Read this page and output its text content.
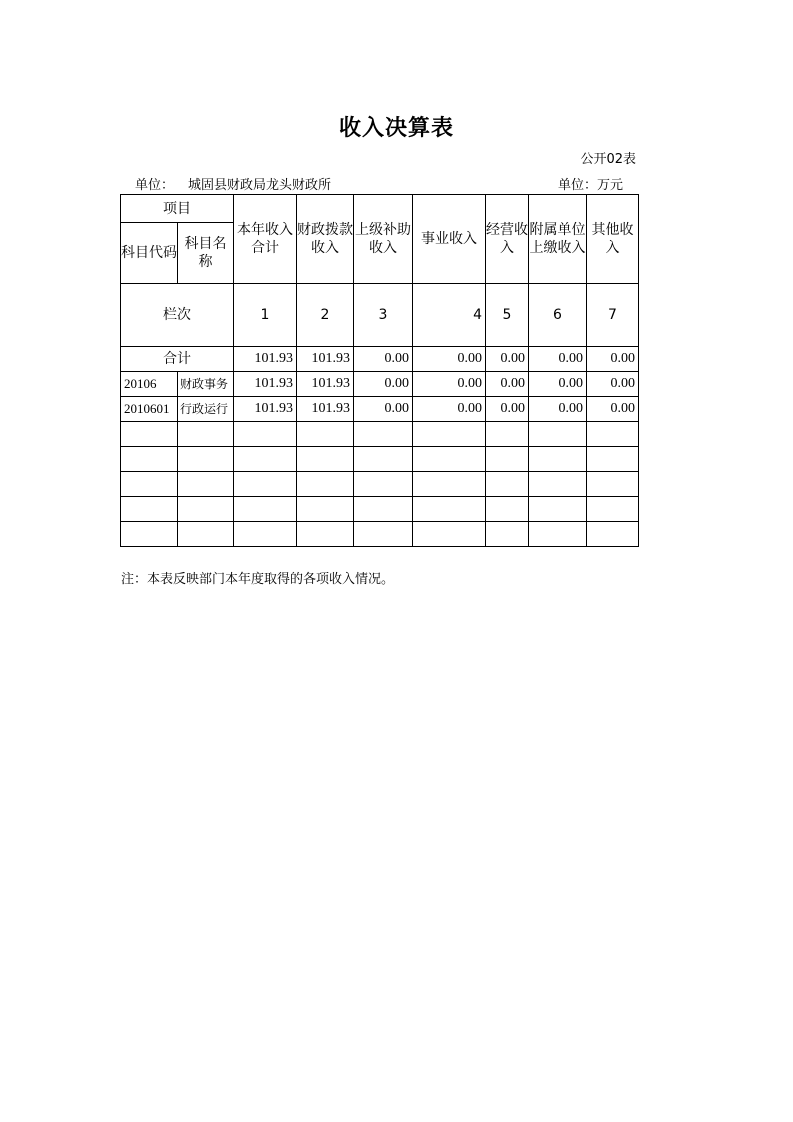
收入决算表
公开02表
单位： 城固县财政局龙头财政所	单位：万元
项目		本年收入合计	财政拨款收入	上级补助收入	事业收入	经营收入	附属单位上缴收入	其他收入
科目代码	科目名称							
栏次		1	2	3	4	5	6	7
合计		101.93	101.93	0.00	0.00	0.00	0.00	0.00
20106	财政事务	101.93	101.93	0.00	0.00	0.00	0.00	0.00
2010601	行政运行	101.93	101.93	0.00	0.00	0.00	0.00	0.00

注：本表反映部门本年度取得的各项收入情况。
